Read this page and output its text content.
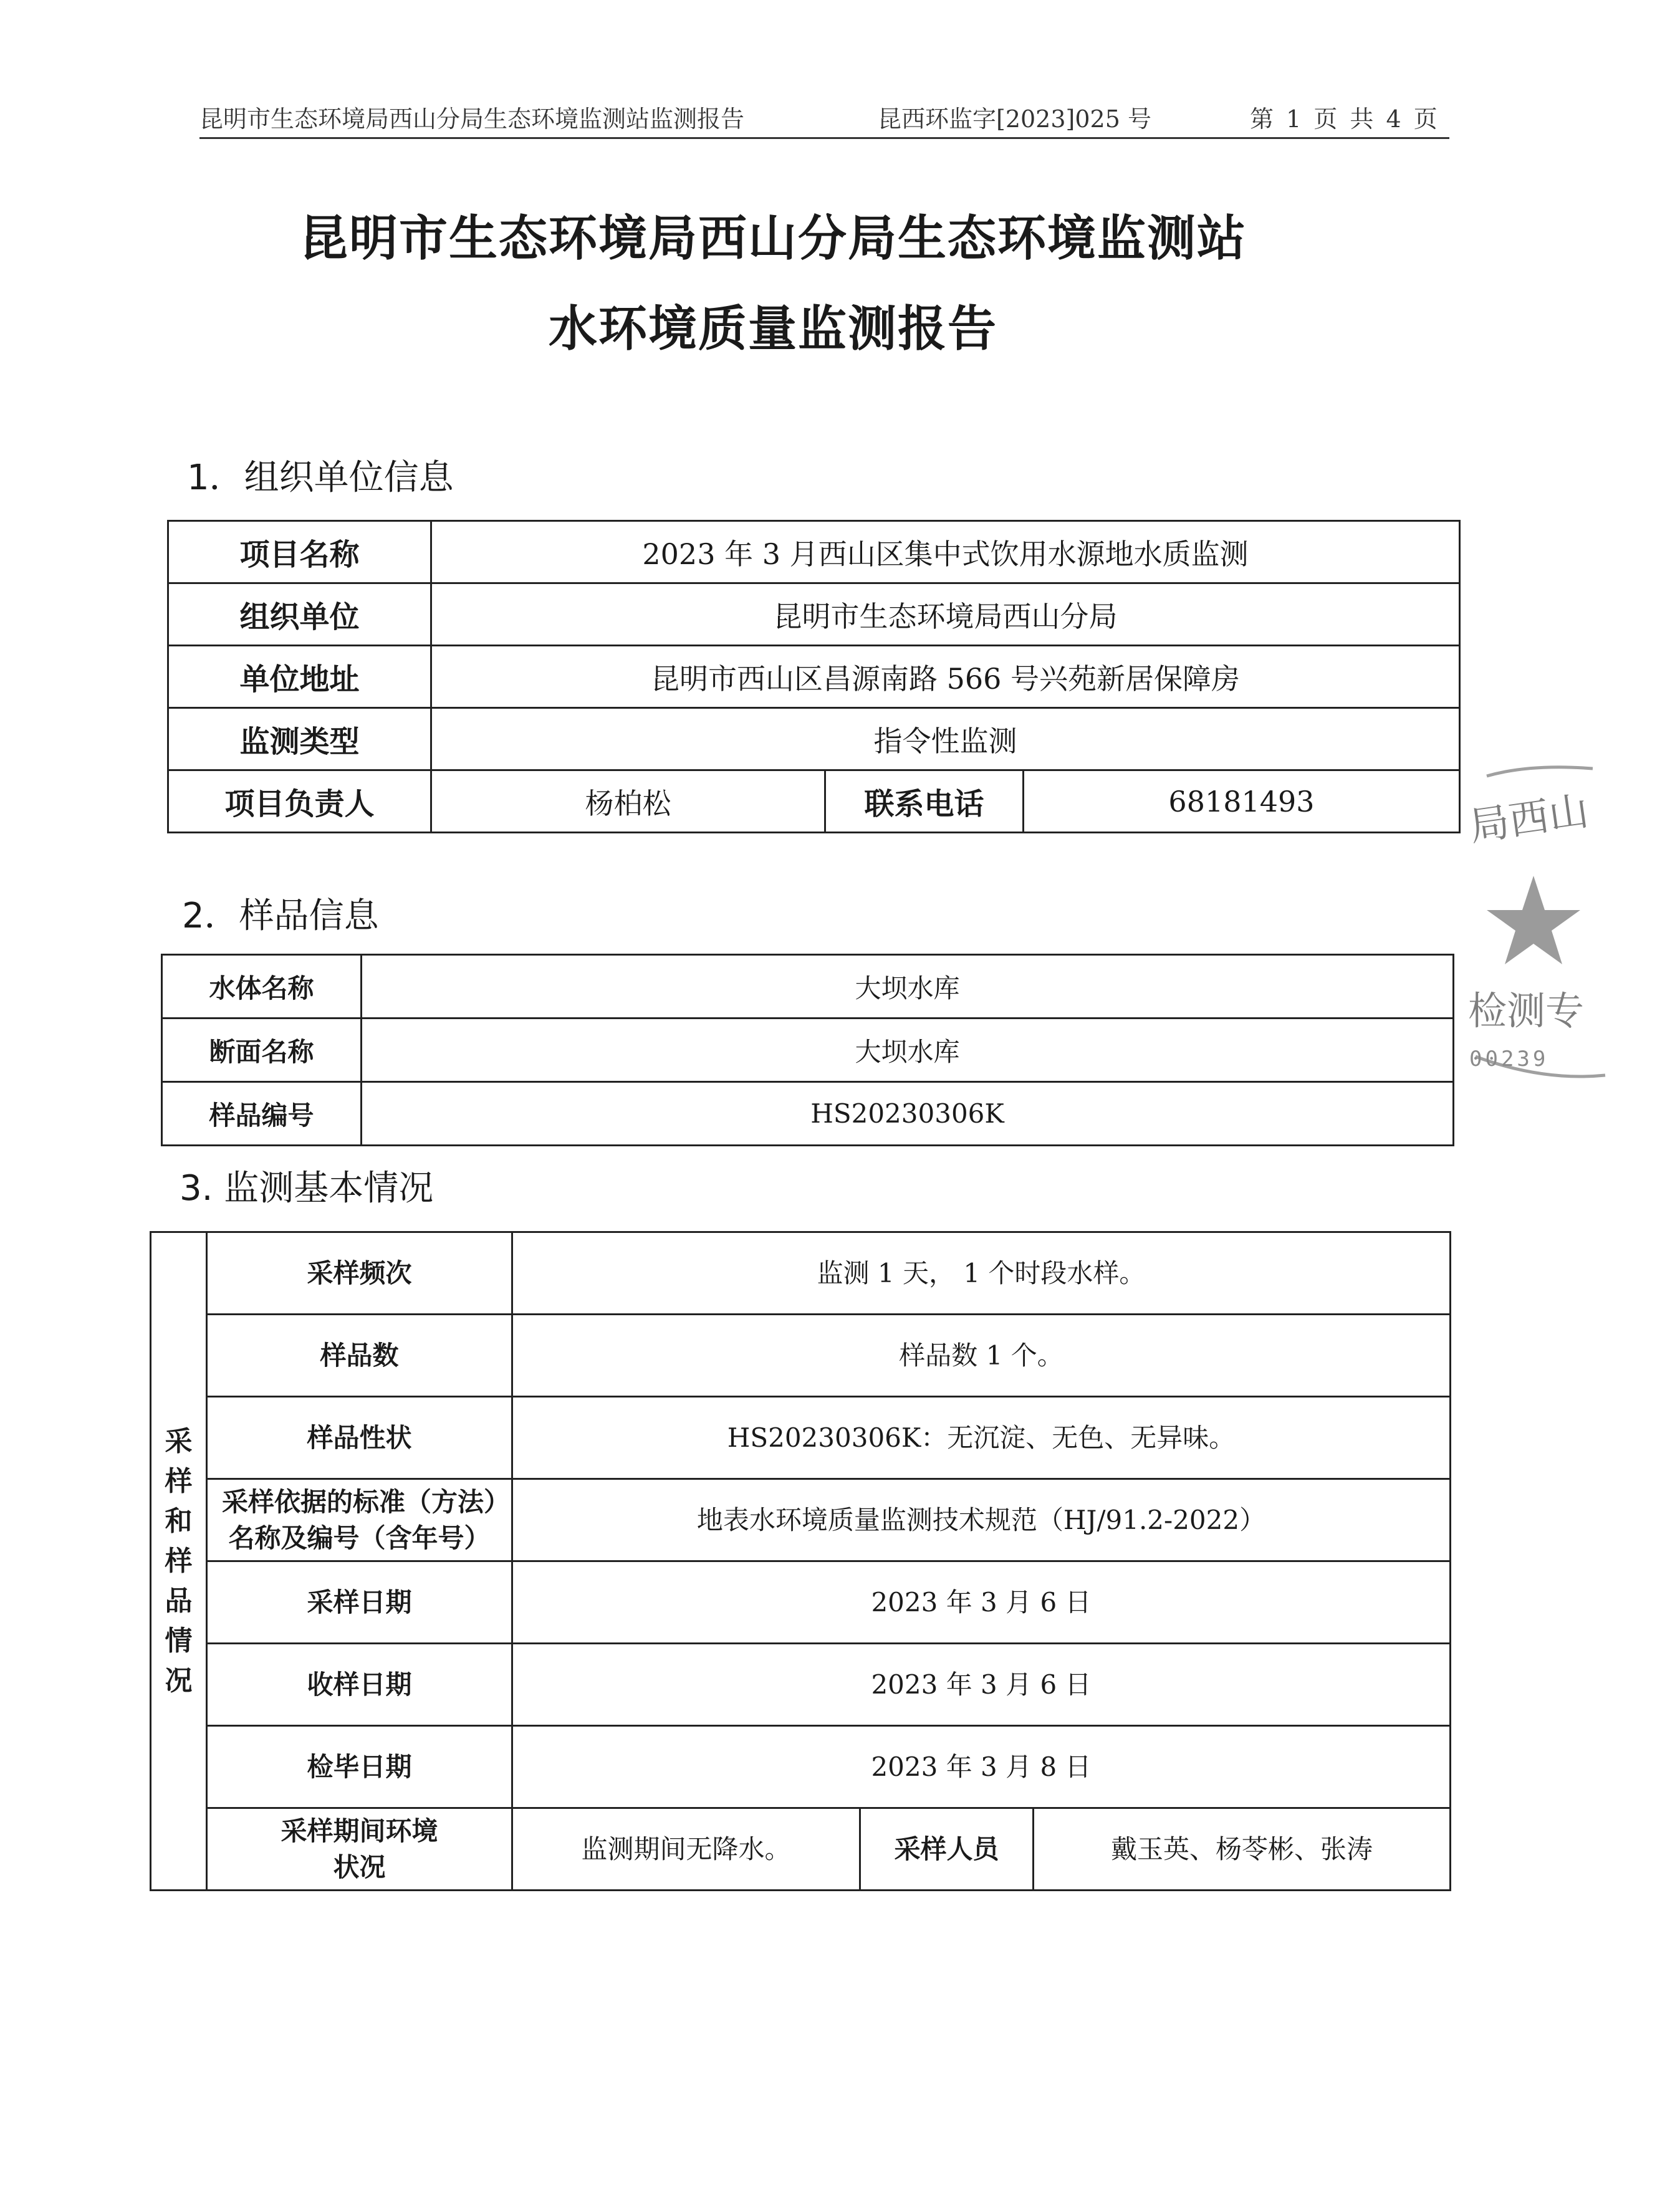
昆明市生态环境局西山分局生态环境监测站监测报告	昆西环监字[2023]025 号	第 1 页 共 4 页
昆明市生态环境局西山分局生态环境监测站
水环境质量监测报告
1．组织单位信息
项目名称	2023 年 3 月西山区集中式饮用水源地水质监测		
组织单位	昆明市生态环境局西山分局		
单位地址	昆明市西山区昌源南路 566 号兴苑新居保障房		
监测类型	指令性监测		
项目负责人	杨柏松	联系电话	68181493
2．样品信息
水体名称	大坝水库
断面名称	大坝水库
样品编号	HS20230306K
3. 监测基本情况
采样和样品情况	采样频次	监测 1 天， 1 个时段水样。		
	样品数	样品数 1 个。		
	样品性状	HS20230306K：无沉淀、无色、无异味。		
	采样依据的标准（方法）名称及编号（含年号）	地表水环境质量监测技术规范（HJ/91.2-2022）		
	采样日期	2023 年 3 月 6 日		
	收样日期	2023 年 3 月 6 日		
	检毕日期	2023 年 3 月 8 日		
	采样期间环境状况	监测期间无降水。	采样人员	戴玉英、杨苓彬、张涛
局西山
检测专
00239
